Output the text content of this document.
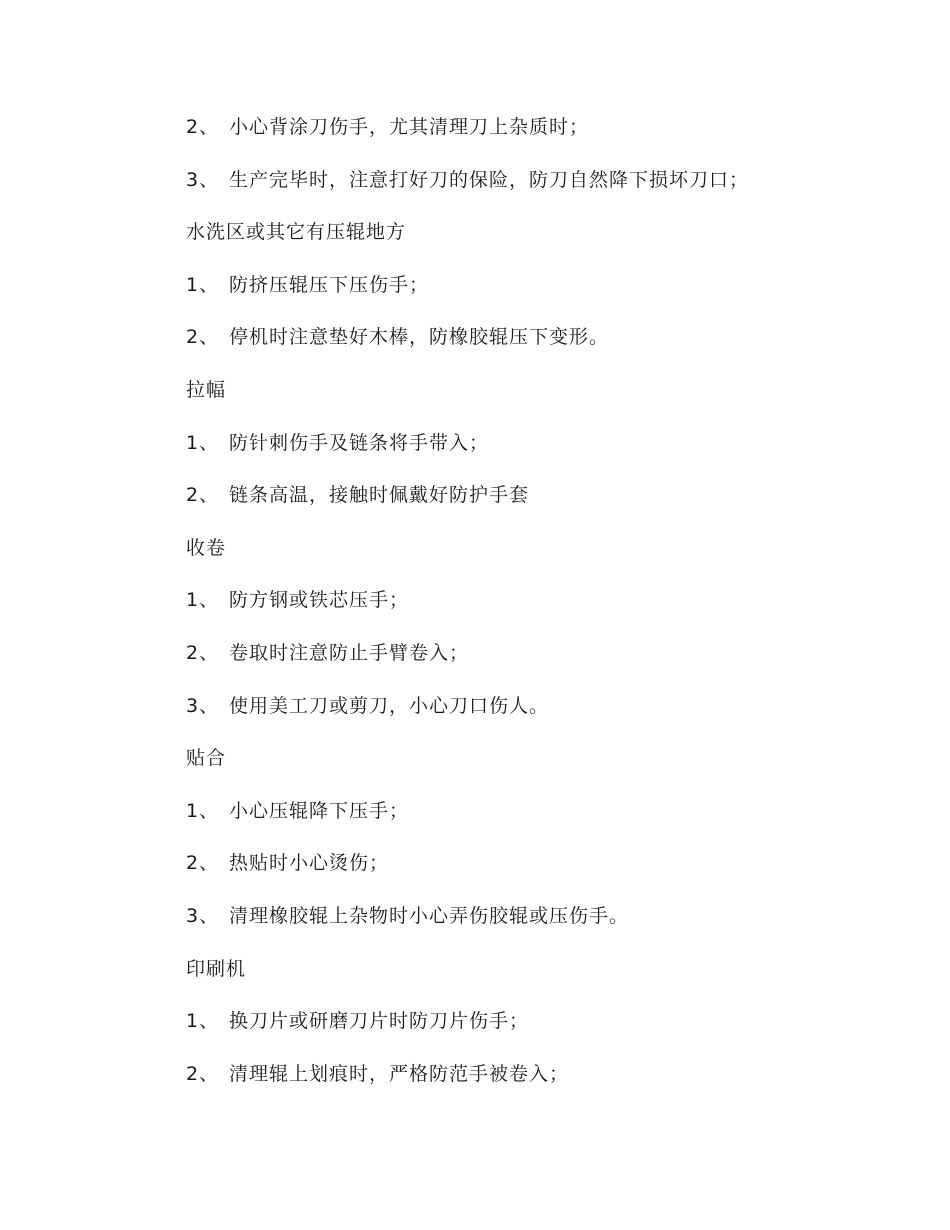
2、 小心背涂刀伤手，尤其清理刀上杂质时；
3、 生产完毕时，注意打好刀的保险，防刀自然降下损坏刀口；
水洗区或其它有压辊地方
1、 防挤压辊压下压伤手；
2、 停机时注意垫好木棒，防橡胶辊压下变形。
拉幅
1、 防针刺伤手及链条将手带入；
2、 链条高温，接触时佩戴好防护手套
收卷
1、 防方钢或铁芯压手；
2、 卷取时注意防止手臂卷入；
3、 使用美工刀或剪刀，小心刀口伤人。
贴合
1、 小心压辊降下压手；
2、 热贴时小心烫伤；
3、 清理橡胶辊上杂物时小心弄伤胶辊或压伤手。
印刷机
1、 换刀片或研磨刀片时防刀片伤手；
2、 清理辊上划痕时，严格防范手被卷入；
